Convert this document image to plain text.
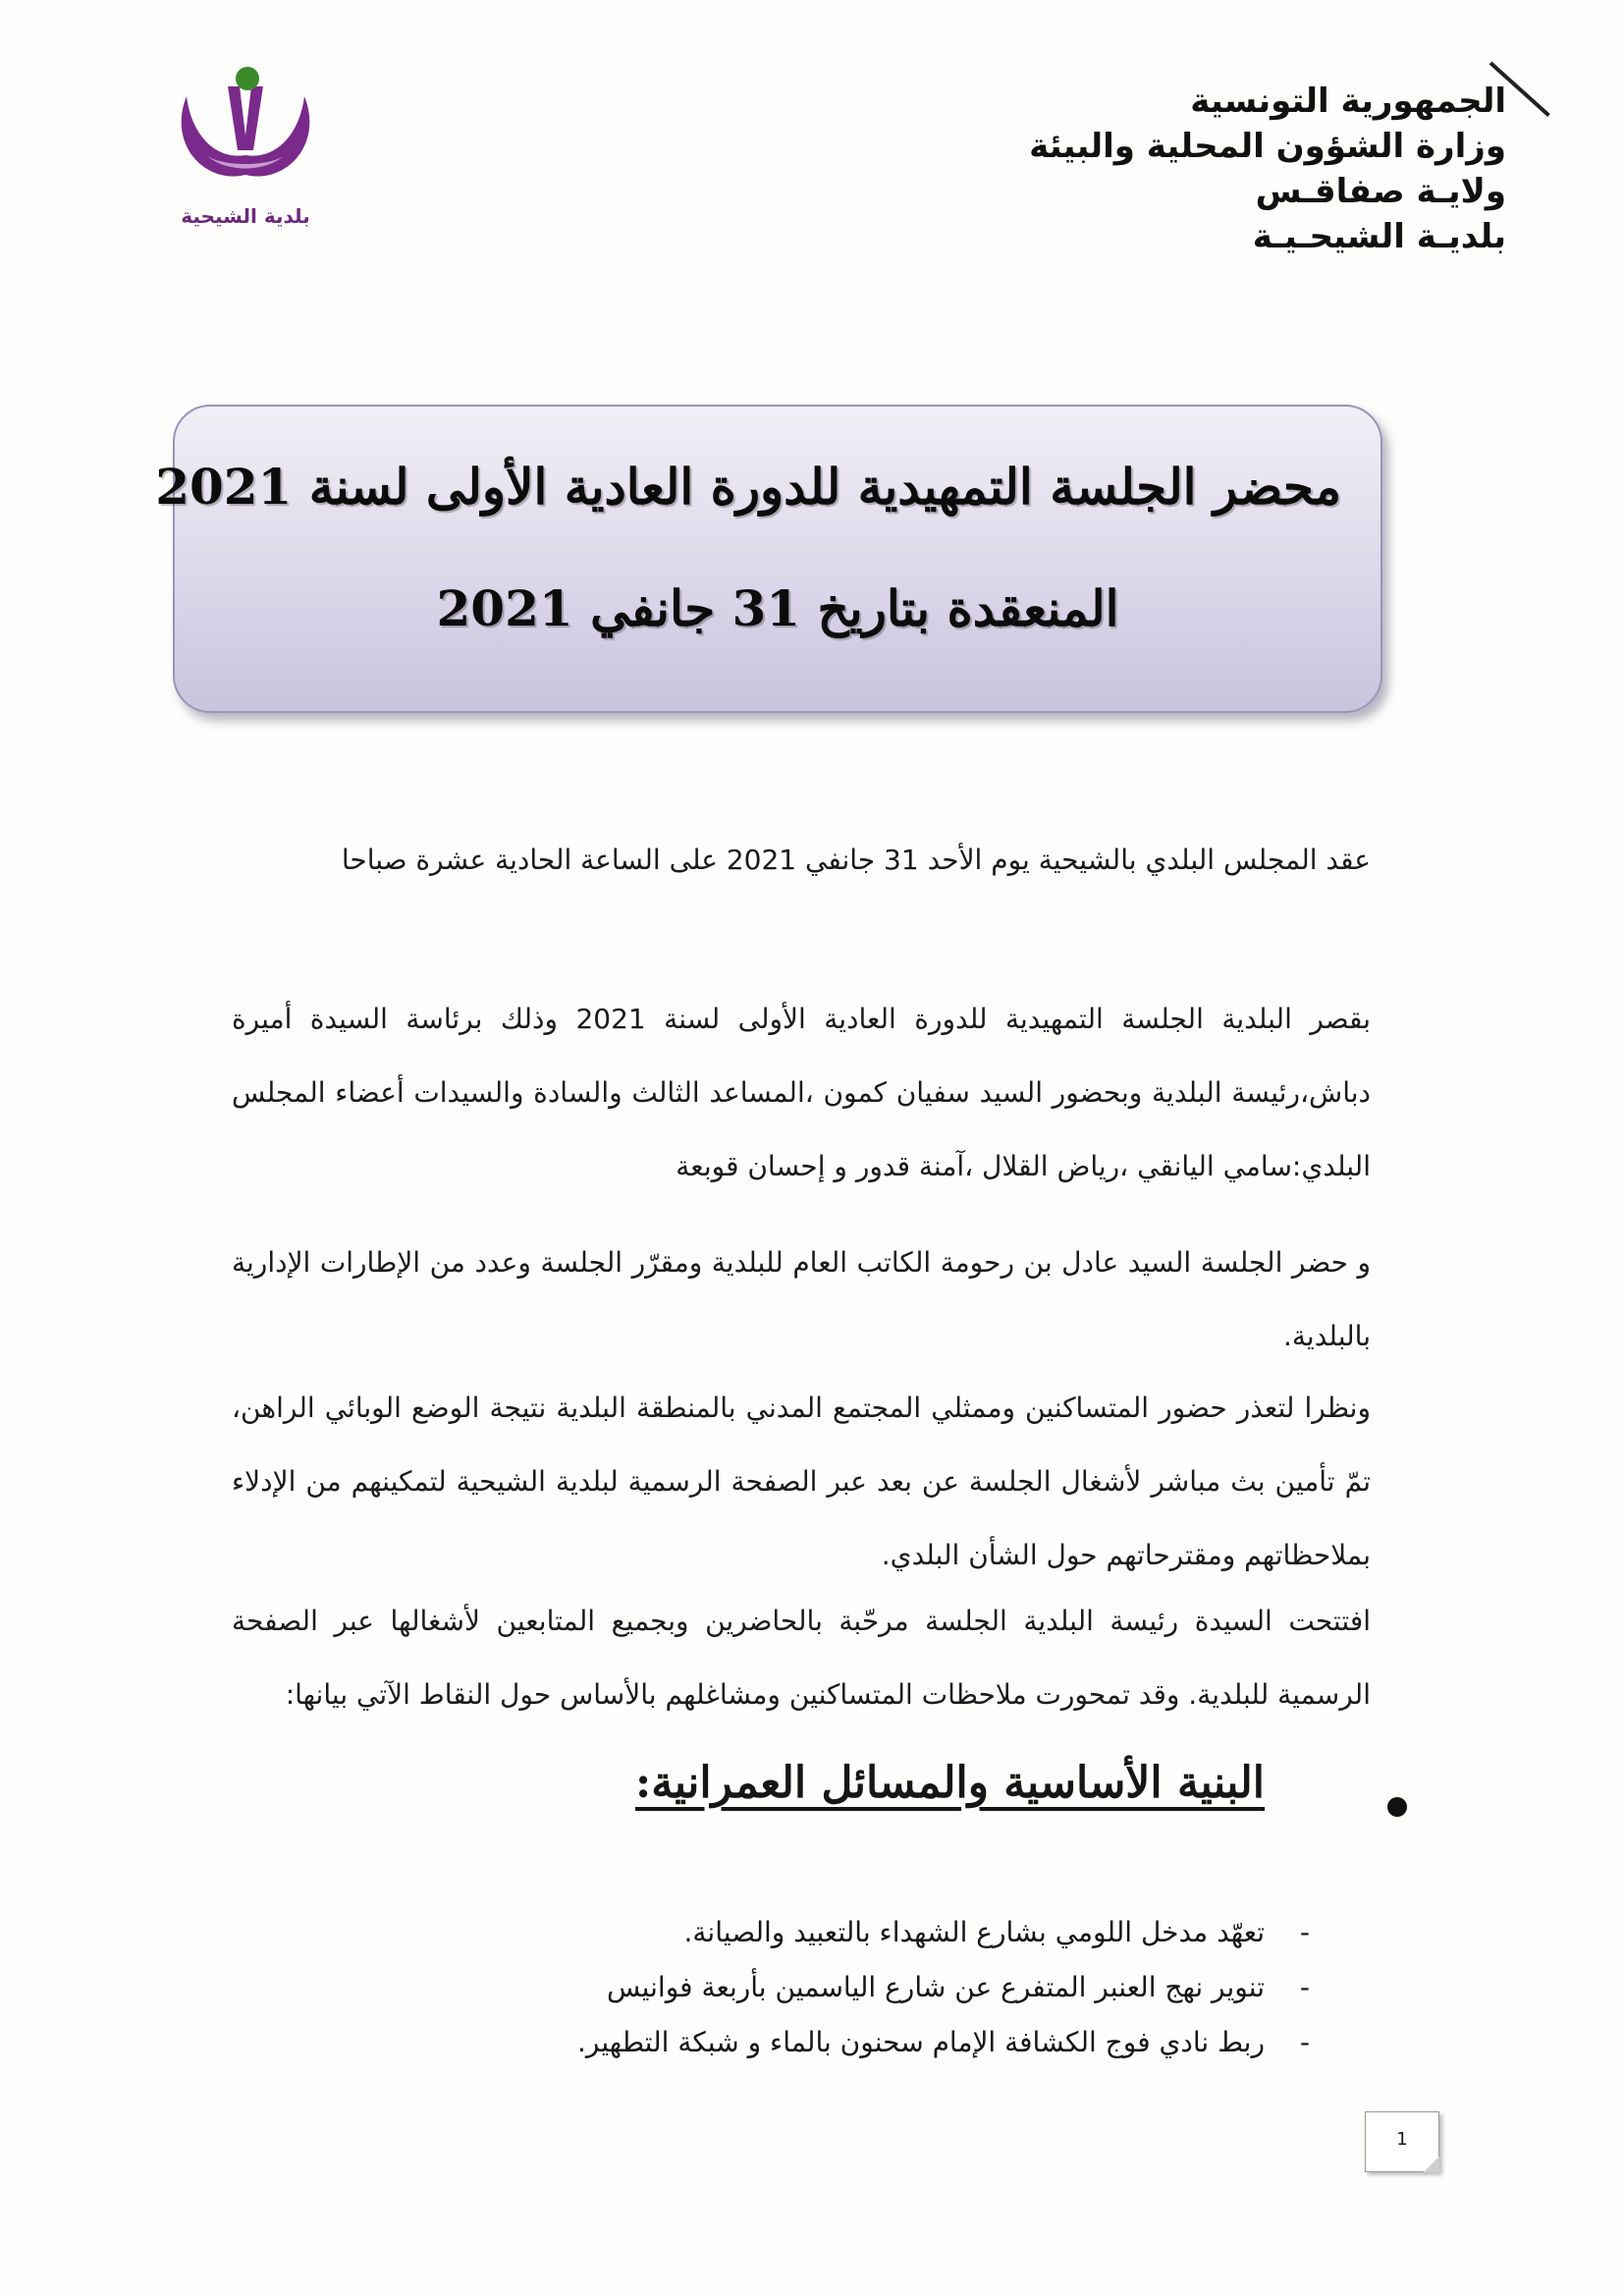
بلدية الشيحية
الجمهورية التونسية
وزارة الشؤون المحلية والبيئة
ولايـة صفاقـس
بلديـة الشيحـيـة
محضر الجلسة التمهيدية للدورة العادية الأولى لسنة 2021
المنعقدة بتاريخ 31 جانفي 2021

عقد المجلس البلدي بالشيحية يوم الأحد 31 جانفي 2021 على الساعة الحادية عشرة صباحا

بقصر البلدية الجلسة التمهيدية للدورة العادية الأولى لسنة 2021 وذلك برئاسة السيدة أميرة دباش،رئيسة البلدية وبحضور السيد سفيان كمون ،المساعد الثالث والسادة والسيدات أعضاء المجلس البلدي:سامي اليانقي ،رياض القلال ،آمنة قدور و إحسان قوبعة

و حضر الجلسة السيد عادل بن رحومة الكاتب العام للبلدية ومقرّر الجلسة وعدد من الإطارات الإدارية بالبلدية.

ونظرا لتعذر حضور المتساكنين وممثلي المجتمع المدني بالمنطقة البلدية نتيجة الوضع الوبائي الراهن، تمّ تأمين بث مباشر لأشغال الجلسة عن بعد عبر الصفحة الرسمية لبلدية الشيحية لتمكينهم من الإدلاء بملاحظاتهم ومقترحاتهم حول الشأن البلدي.

افتتحت السيدة رئيسة البلدية الجلسة مرحّبة بالحاضرين وبجميع المتابعين لأشغالها عبر الصفحة الرسمية للبلدية. وقد تمحورت ملاحظات المتساكنين ومشاغلهم بالأساس حول النقاط الآتي بيانها:

البنية الأساسية والمسائل العمرانية:
-
تعهّد مدخل اللومي بشارع الشهداء بالتعبيد والصيانة.
-
تنوير نهج العنبر المتفرع عن شارع الياسمين بأربعة فوانيس
-
ربط نادي فوج الكشافة الإمام سحنون بالماء و شبكة التطهير.
1
